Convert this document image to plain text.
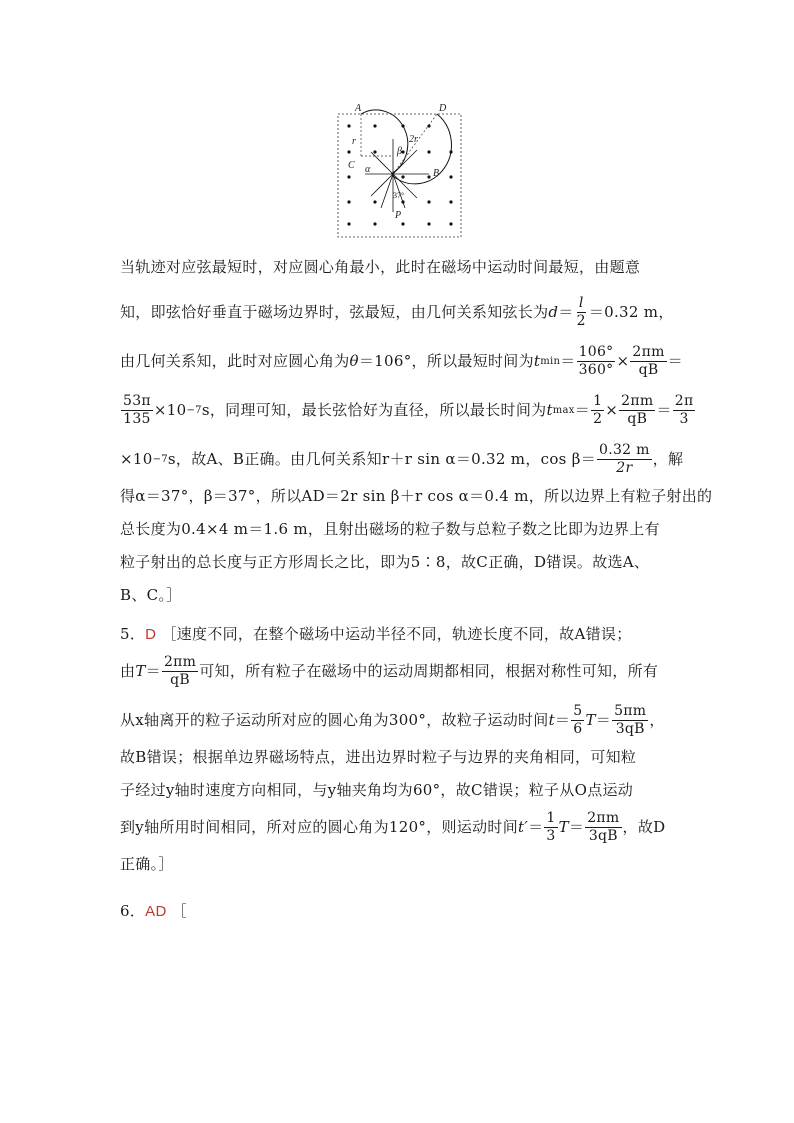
A	D
C
B
P
r	2r
β
α
37°
当轨迹对应弦最短时，对应圆心角最小，此时在磁场中运动时间最短，由题意
知，即弦恰好垂直于磁场边界时，弦最短，由几何关系知弦长为 $d = \frac{l}{2} =0.32$ m，
由几何关系知，此时对应圆心角为 θ ＝106°，所以最短时间为 t $\min = \frac{106^\circ}{360^\circ} \times \frac{2\pi m}{qB}$ ＝
$\frac{53\pi}{135} \times 10 -7$ s，同理可知，最长弦恰好为直径，所以最长时间为 t $\max = \frac{1}{2} \times \frac{2\pi m}{qB} = \frac{2\pi}{3}$
×10 −7 s，故A、B正确。由几何关系知 r＋r sin α＝0.32 m，$\cos \beta= \frac{0.32 m}{2r}$ ，解
得α＝37°，β＝37°，所以AD＝2r sin β＋r cos α＝0.4 m，所以边界上有粒子射出的
总长度为0.4×4 m＝1.6 m，且射出磁场的粒子数与总粒子数之比即为边界上有
粒子射出的总长度与正方形周长之比，即为5∶8，故C正确，D错误。故选A、
B、C。］
5．D ［速度不同，在整个磁场中运动半径不同，轨迹长度不同，故A错误；
由 $T = \frac{2\pi m}{qB}$ 可知，所有粒子在磁场中的运动周期都相同，根据对称性可知，所有
从x轴离开的粒子运动所对应的圆心角为300°，故粒子运动时间 $t = \frac{5}{6}$ $T = \frac{5\pi m}{3qB}$ ，
故B错误；根据单边界磁场特点，进出边界时粒子与边界的夹角相同，可知粒
子经过y轴时速度方向相同，与y轴夹角均为60°，故C错误；粒子从O点运动
到y轴所用时间相同，所对应的圆心角为120°，则运动时间 $t' = \frac{1}{3}$ $T = \frac{2\pi m}{3qB}$ ，故D
正确。］
6．AD ［
